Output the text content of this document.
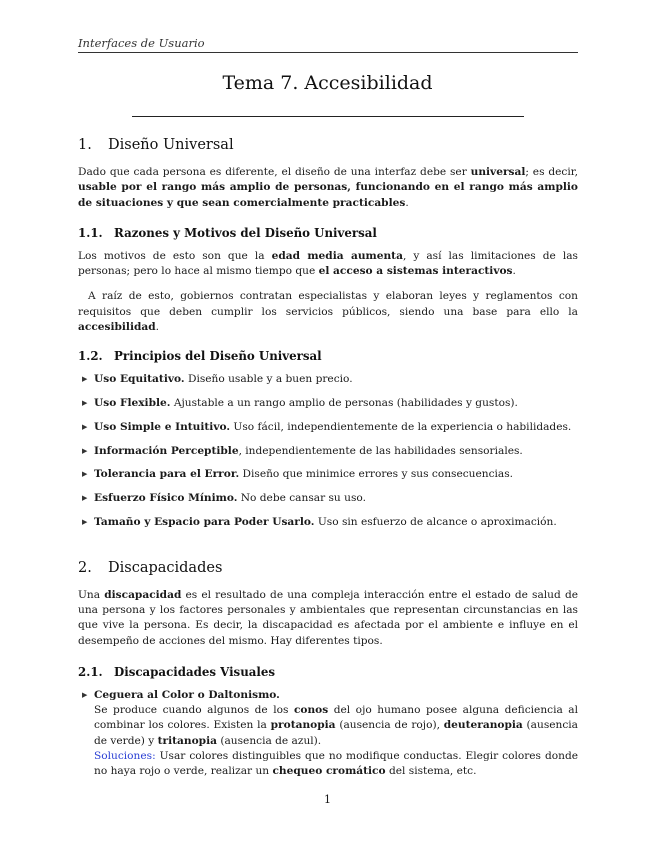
Interfaces de Usuario
Tema 7. Accesibilidad
1. Diseño Universal

Dado que cada persona es diferente, el diseño de una interfaz debe ser universal; es decir, usable por el rango más amplio de personas, funcionando en el rango más amplio de situaciones y que sean comercialmente practicables.

1.1. Razones y Motivos del Diseño Universal

Los motivos de esto son que la edad media aumenta, y así las limitaciones de las personas; pero lo hace al mismo tiempo que el acceso a sistemas interactivos.

A raíz de esto, gobiernos contratan especialistas y elaboran leyes y reglamentos con requisitos que deben cumplir los servicios públicos, siendo una base para ello la accesibilidad.

1.2. Principios del Diseño Universal
▶ Uso Equitativo. Diseño usable y a buen precio.
▶ Uso Flexible. Ajustable a un rango amplio de personas (habilidades y gustos).
▶ Uso Simple e Intuitivo. Uso fácil, independientemente de la experiencia o habilidades.
▶ Información Perceptible, independientemente de las habilidades sensoriales.
▶ Tolerancia para el Error. Diseño que minimice errores y sus consecuencias.
▶ Esfuerzo Físico Mínimo. No debe cansar su uso.
▶ Tamaño y Espacio para Poder Usarlo. Uso sin esfuerzo de alcance o aproximación.
2. Discapacidades

Una discapacidad es el resultado de una compleja interacción entre el estado de salud de una persona y los factores personales y ambientales que representan circunstancias en las que vive la persona. Es decir, la discapacidad es afectada por el ambiente e influye en el desempeño de acciones del mismo. Hay diferentes tipos.

2.1. Discapacidades Visuales
▶ Ceguera al Color o Daltonismo.

Se produce cuando algunos de los conos del ojo humano posee alguna deficiencia al combinar los colores. Existen la protanopia (ausencia de rojo), deuteranopia (ausencia de verde) y tritanopia (ausencia de azul).

Soluciones: Usar colores distinguibles que no modifique conductas. Elegir colores donde no haya rojo o verde, realizar un chequeo cromático del sistema, etc.

1
